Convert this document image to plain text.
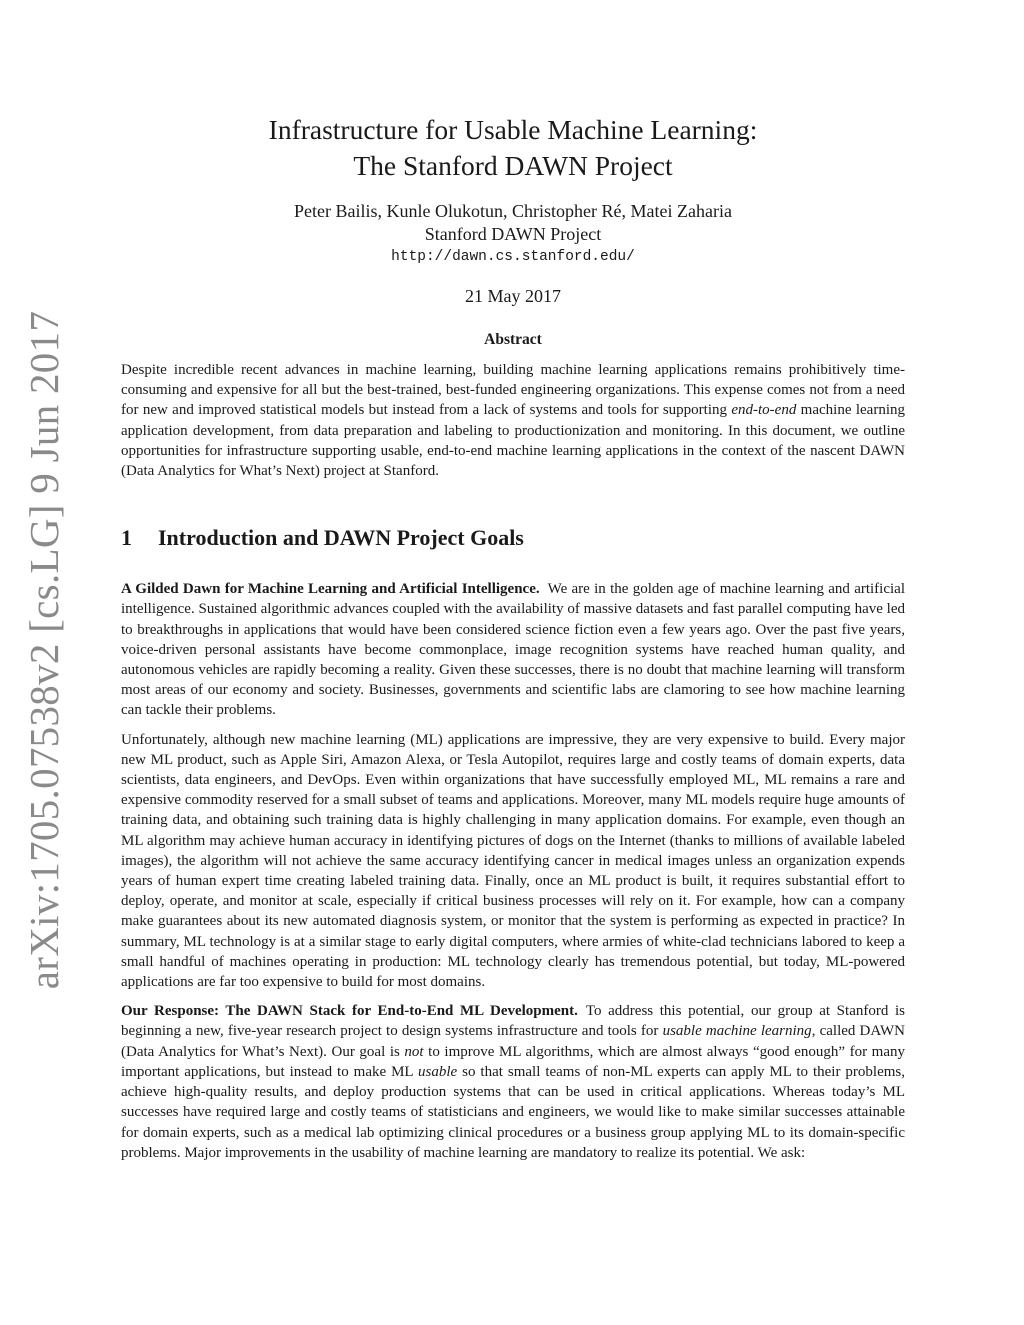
arXiv:1705.07538v2 [cs.LG] 9 Jun 2017
Infrastructure for Usable Machine Learning:
The Stanford DAWN Project
Peter Bailis, Kunle Olukotun, Christopher Ré, Matei Zaharia
Stanford DAWN Project
http://dawn.cs.stanford.edu/
21 May 2017
Abstract
Despite incredible recent advances in machine learning, building machine learning applications remains prohibitively time-consuming and expensive for all but the best-trained, best-funded engineering organizations. This expense comes not from a need for new and improved statistical models but instead from a lack of systems and tools for supporting end-to-end machine learning application development, from data preparation and labeling to productionization and monitoring. In this document, we outline opportunities for infrastructure supporting usable, end-to-end machine learning applications in the context of the nascent DAWN (Data Analytics for What’s Next) project at Stanford.
1	Introduction and DAWN Project Goals

A Gilded Dawn for Machine Learning and Artificial Intelligence. We are in the golden age of machine learning and artificial intelligence. Sustained algorithmic advances coupled with the availability of massive datasets and fast parallel computing have led to breakthroughs in applications that would have been considered science fiction even a few years ago. Over the past five years, voice-driven personal assistants have become commonplace, image recognition systems have reached human quality, and autonomous vehicles are rapidly becoming a reality. Given these successes, there is no doubt that machine learning will transform most areas of our economy and society. Businesses, governments and scientific labs are clamoring to see how machine learning can tackle their problems.

Unfortunately, although new machine learning (ML) applications are impressive, they are very expensive to build. Every major new ML product, such as Apple Siri, Amazon Alexa, or Tesla Autopilot, requires large and costly teams of domain experts, data scientists, data engineers, and DevOps. Even within organizations that have successfully employed ML, ML remains a rare and expensive commodity reserved for a small subset of teams and applications. Moreover, many ML models require huge amounts of training data, and obtaining such training data is highly challenging in many application domains. For example, even though an ML algorithm may achieve human accuracy in identifying pictures of dogs on the Internet (thanks to millions of available labeled images), the algorithm will not achieve the same accuracy identifying cancer in medical images unless an organization expends years of human expert time creating labeled training data. Finally, once an ML product is built, it requires substantial effort to deploy, operate, and monitor at scale, especially if critical business processes will rely on it. For example, how can a company make guarantees about its new automated diagnosis system, or monitor that the system is performing as expected in practice? In summary, ML technology is at a similar stage to early digital computers, where armies of white-clad technicians labored to keep a small handful of machines operating in production: ML technology clearly has tremendous potential, but today, ML-powered applications are far too expensive to build for most domains.

Our Response: The DAWN Stack for End-to-End ML Development. To address this potential, our group at Stanford is beginning a new, five-year research project to design systems infrastructure and tools for usable machine learning, called DAWN (Data Analytics for What’s Next). Our goal is not to improve ML algorithms, which are almost always “good enough” for many important applications, but instead to make ML usable so that small teams of non-ML experts can apply ML to their problems, achieve high-quality results, and deploy production systems that can be used in critical applications. Whereas today’s ML successes have required large and costly teams of statisticians and engineers, we would like to make similar successes attainable for domain experts, such as a medical lab optimizing clinical procedures or a business group applying ML to its domain-specific problems. Major improvements in the usability of machine learning are mandatory to realize its potential. We ask:
